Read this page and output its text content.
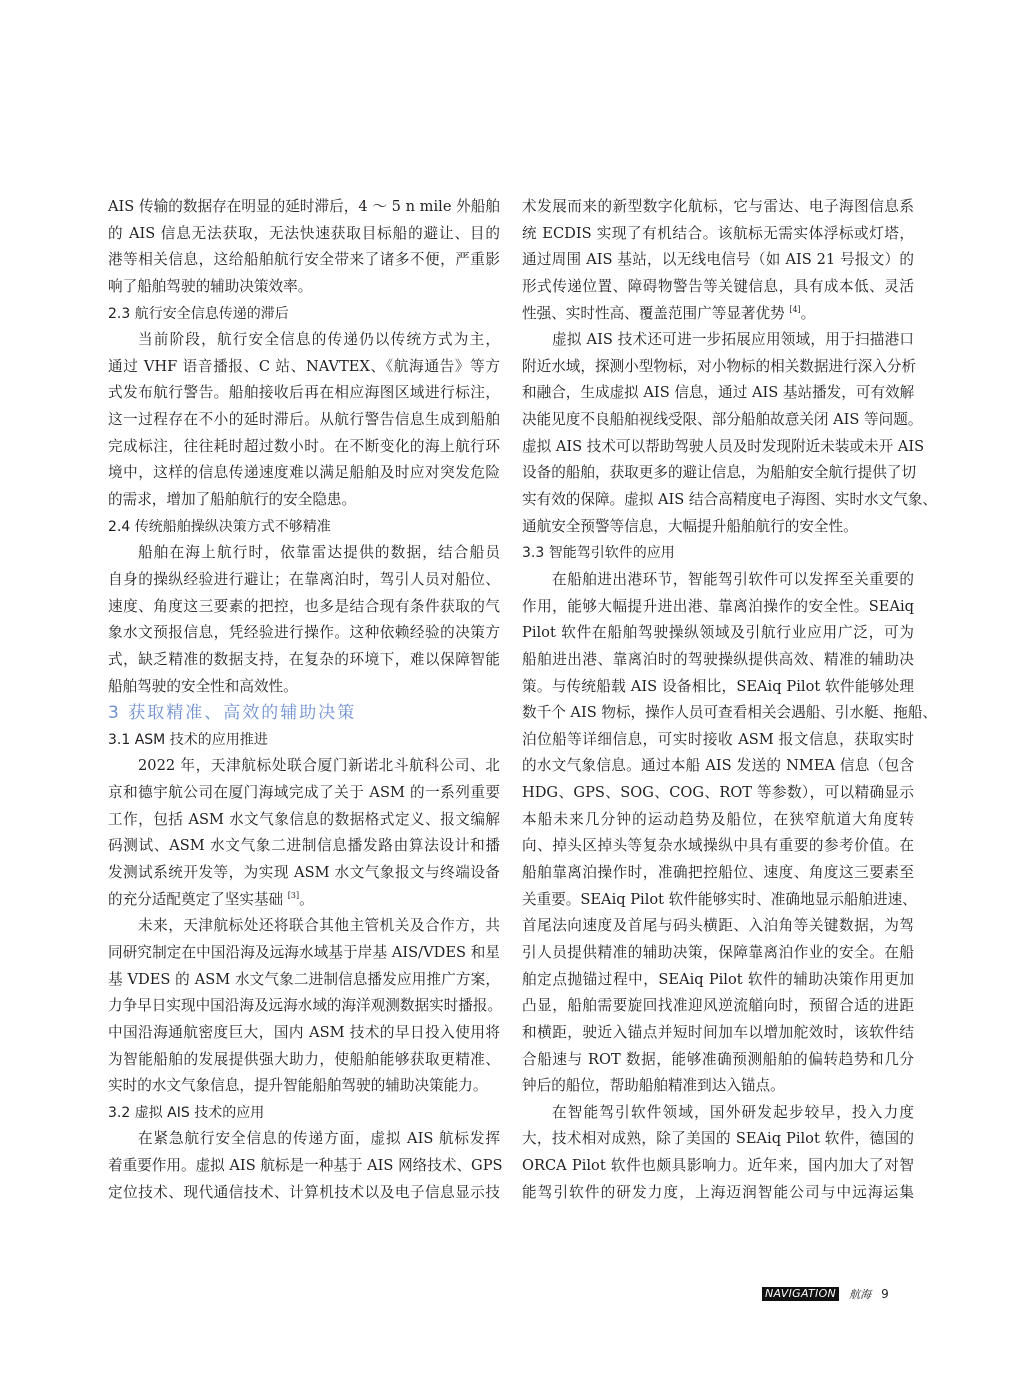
AIS 传输的数据存在明显的延时滞后，4 ～ 5 n mile 外船舶
的 AIS 信息无法获取，无法快速获取目标船的避让、目的
港等相关信息，这给船舶航行安全带来了诸多不便，严重影
响了船舶驾驶的辅助决策效率。
2.3 航行安全信息传递的滞后
当前阶段，航行安全信息的传递仍以传统方式为主，
通过 VHF 语音播报、C 站、NAVTEX、《航海通告》等方
式发布航行警告。船舶接收后再在相应海图区域进行标注，
这一过程存在不小的延时滞后。从航行警告信息生成到船舶
完成标注，往往耗时超过数小时。在不断变化的海上航行环
境中，这样的信息传递速度难以满足船舶及时应对突发危险
的需求，增加了船舶航行的安全隐患。
2.4 传统船舶操纵决策方式不够精准
船舶在海上航行时，依靠雷达提供的数据，结合船员
自身的操纵经验进行避让；在靠离泊时，驾引人员对船位、
速度、角度这三要素的把控，也多是结合现有条件获取的气
象水文预报信息，凭经验进行操作。这种依赖经验的决策方
式，缺乏精准的数据支持，在复杂的环境下，难以保障智能
船舶驾驶的安全性和高效性。
3 获取精准、高效的辅助决策
3.1 ASM 技术的应用推进
2022 年，天津航标处联合厦门新诺北斗航科公司、北
京和德宇航公司在厦门海域完成了关于 ASM 的一系列重要
工作，包括 ASM 水文气象信息的数据格式定义、报文编解
码测试、ASM 水文气象二进制信息播发路由算法设计和播
发测试系统开发等，为实现 ASM 水文气象报文与终端设备
的充分适配奠定了坚实基础 [3]。
未来，天津航标处还将联合其他主管机关及合作方，共
同研究制定在中国沿海及远海水域基于岸基 AIS/VDES 和星
基 VDES 的 ASM 水文气象二进制信息播发应用推广方案，
力争早日实现中国沿海及远海水域的海洋观测数据实时播报。
中国沿海通航密度巨大，国内 ASM 技术的早日投入使用将
为智能船舶的发展提供强大助力，使船舶能够获取更精准、
实时的水文气象信息，提升智能船舶驾驶的辅助决策能力。
3.2 虚拟 AIS 技术的应用
在紧急航行安全信息的传递方面，虚拟 AIS 航标发挥
着重要作用。虚拟 AIS 航标是一种基于 AIS 网络技术、GPS
定位技术、现代通信技术、计算机技术以及电子信息显示技
术发展而来的新型数字化航标，它与雷达、电子海图信息系
统 ECDIS 实现了有机结合。该航标无需实体浮标或灯塔，
通过周围 AIS 基站，以无线电信号（如 AIS 21 号报文）的
形式传递位置、障碍物警告等关键信息，具有成本低、灵活
性强、实时性高、覆盖范围广等显著优势 [4]。
虚拟 AIS 技术还可进一步拓展应用领域，用于扫描港口
附近水域，探测小型物标，对小物标的相关数据进行深入分析
和融合，生成虚拟 AIS 信息，通过 AIS 基站播发，可有效解
决能见度不良船舶视线受限、部分船舶故意关闭 AIS 等问题。
虚拟 AIS 技术可以帮助驾驶人员及时发现附近未装或未开 AIS
设备的船舶，获取更多的避让信息，为船舶安全航行提供了切
实有效的保障。虚拟 AIS 结合高精度电子海图、实时水文气象、
通航安全预警等信息，大幅提升船舶航行的安全性。
3.3 智能驾引软件的应用
在船舶进出港环节，智能驾引软件可以发挥至关重要的
作用，能够大幅提升进出港、靠离泊操作的安全性。SEAiq
Pilot 软件在船舶驾驶操纵领域及引航行业应用广泛，可为
船舶进出港、靠离泊时的驾驶操纵提供高效、精准的辅助决
策。与传统船载 AIS 设备相比，SEAiq Pilot 软件能够处理
数千个 AIS 物标，操作人员可查看相关会遇船、引水艇、拖船、
泊位船等详细信息，可实时接收 ASM 报文信息，获取实时
的水文气象信息。通过本船 AIS 发送的 NMEA 信息（包含
HDG、GPS、SOG、COG、ROT 等参数），可以精确显示
本船未来几分钟的运动趋势及船位，在狭窄航道大角度转
向、掉头区掉头等复杂水域操纵中具有重要的参考价值。在
船舶靠离泊操作时，准确把控船位、速度、角度这三要素至
关重要。SEAiq Pilot 软件能够实时、准确地显示船舶进速、
首尾法向速度及首尾与码头横距、入泊角等关键数据，为驾
引人员提供精准的辅助决策，保障靠离泊作业的安全。在船
舶定点抛锚过程中，SEAiq Pilot 软件的辅助决策作用更加
凸显，船舶需要旋回找准迎风逆流艏向时，预留合适的进距
和横距，驶近入锚点并短时间加车以增加舵效时，该软件结
合船速与 ROT 数据，能够准确预测船舶的偏转趋势和几分
钟后的船位，帮助船舶精准到达入锚点。
在智能驾引软件领域，国外研发起步较早，投入力度
大，技术相对成熟，除了美国的 SEAiq Pilot 软件，德国的
ORCA Pilot 软件也颇具影响力。近年来，国内加大了对智
能驾引软件的研发力度，上海迈润智能公司与中远海运集
NAVIGATION 航海 9
